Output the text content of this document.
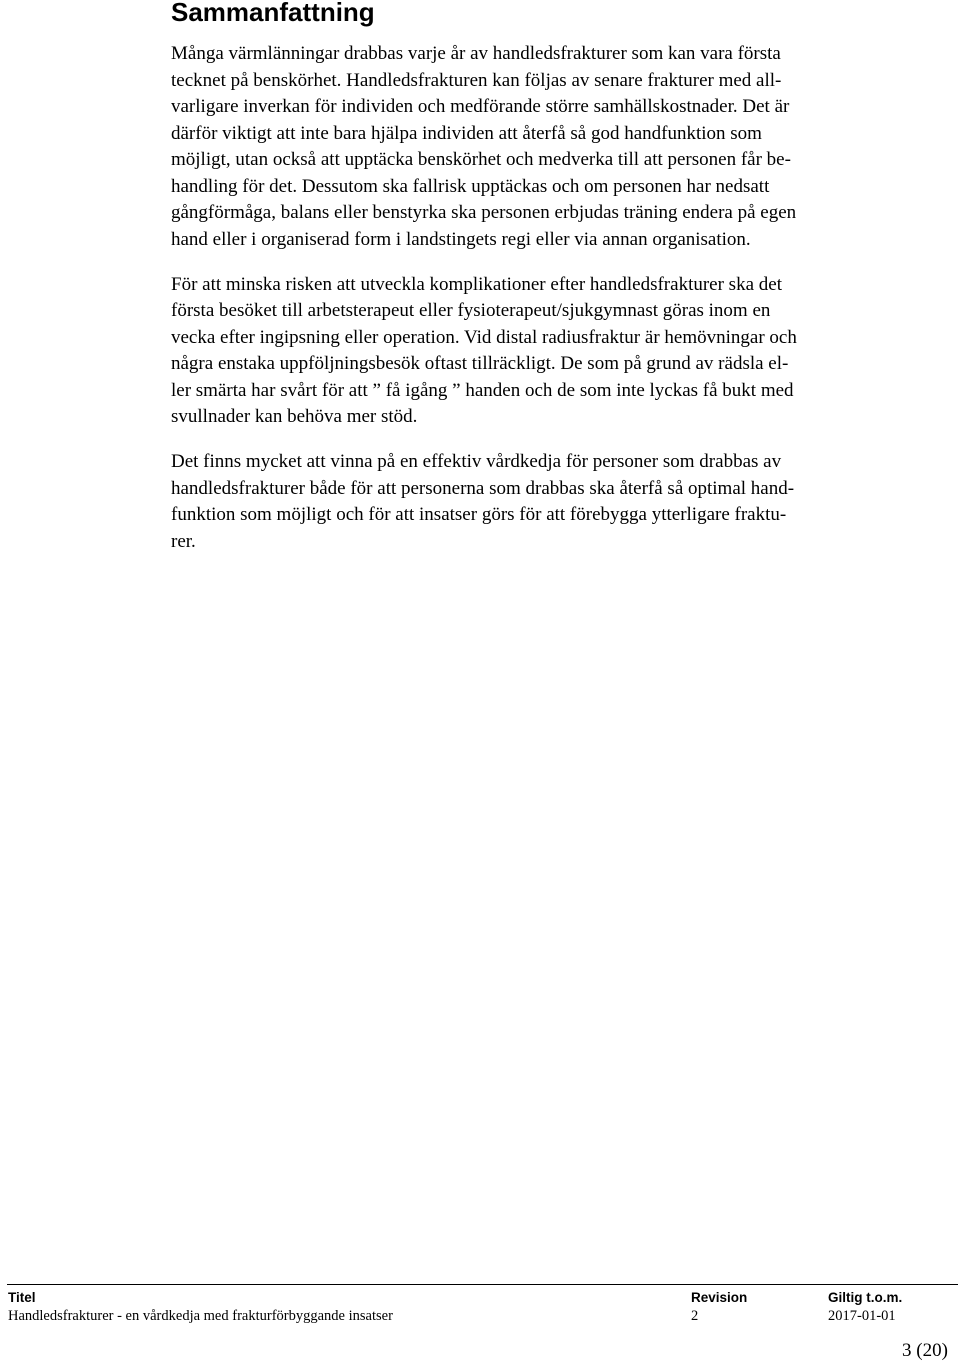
Sammanfattning

Många värmlänningar drabbas varje år av handledsfrakturer som kan vara första
tecknet på benskörhet. Handledsfrakturen kan följas av senare frakturer med all-
varligare inverkan för individen och medförande större samhällskostnader. Det är
därför viktigt att inte bara hjälpa individen att återfå så god handfunktion som
möjligt, utan också att upptäcka benskörhet och medverka till att personen får be-
handling för det. Dessutom ska fallrisk upptäckas och om personen har nedsatt
gångförmåga, balans eller benstyrka ska personen erbjudas träning endera på egen
hand eller i organiserad form i landstingets regi eller via annan organisation.

För att minska risken att utveckla komplikationer efter handledsfrakturer ska det
första besöket till arbetsterapeut eller fysioterapeut/sjukgymnast göras inom en
vecka efter ingipsning eller operation. Vid distal radiusfraktur är hemövningar och
några enstaka uppföljningsbesök oftast tillräckligt. De som på grund av rädsla el-
ler smärta har svårt för att ” få igång ” handen och de som inte lyckas få bukt med
svullnader kan behöva mer stöd.

Det finns mycket att vinna på en effektiv vårdkedja för personer som drabbas av
handledsfrakturer både för att personerna som drabbas ska återfå så optimal hand-
funktion som möjligt och för att insatser görs för att förebygga ytterligare fraktu-
rer.

Titel
Handledsfrakturer - en vårdkedja med frakturförbyggande insatser
Revision
2
Giltig t.o.m.
2017-01-01
3 (20)
